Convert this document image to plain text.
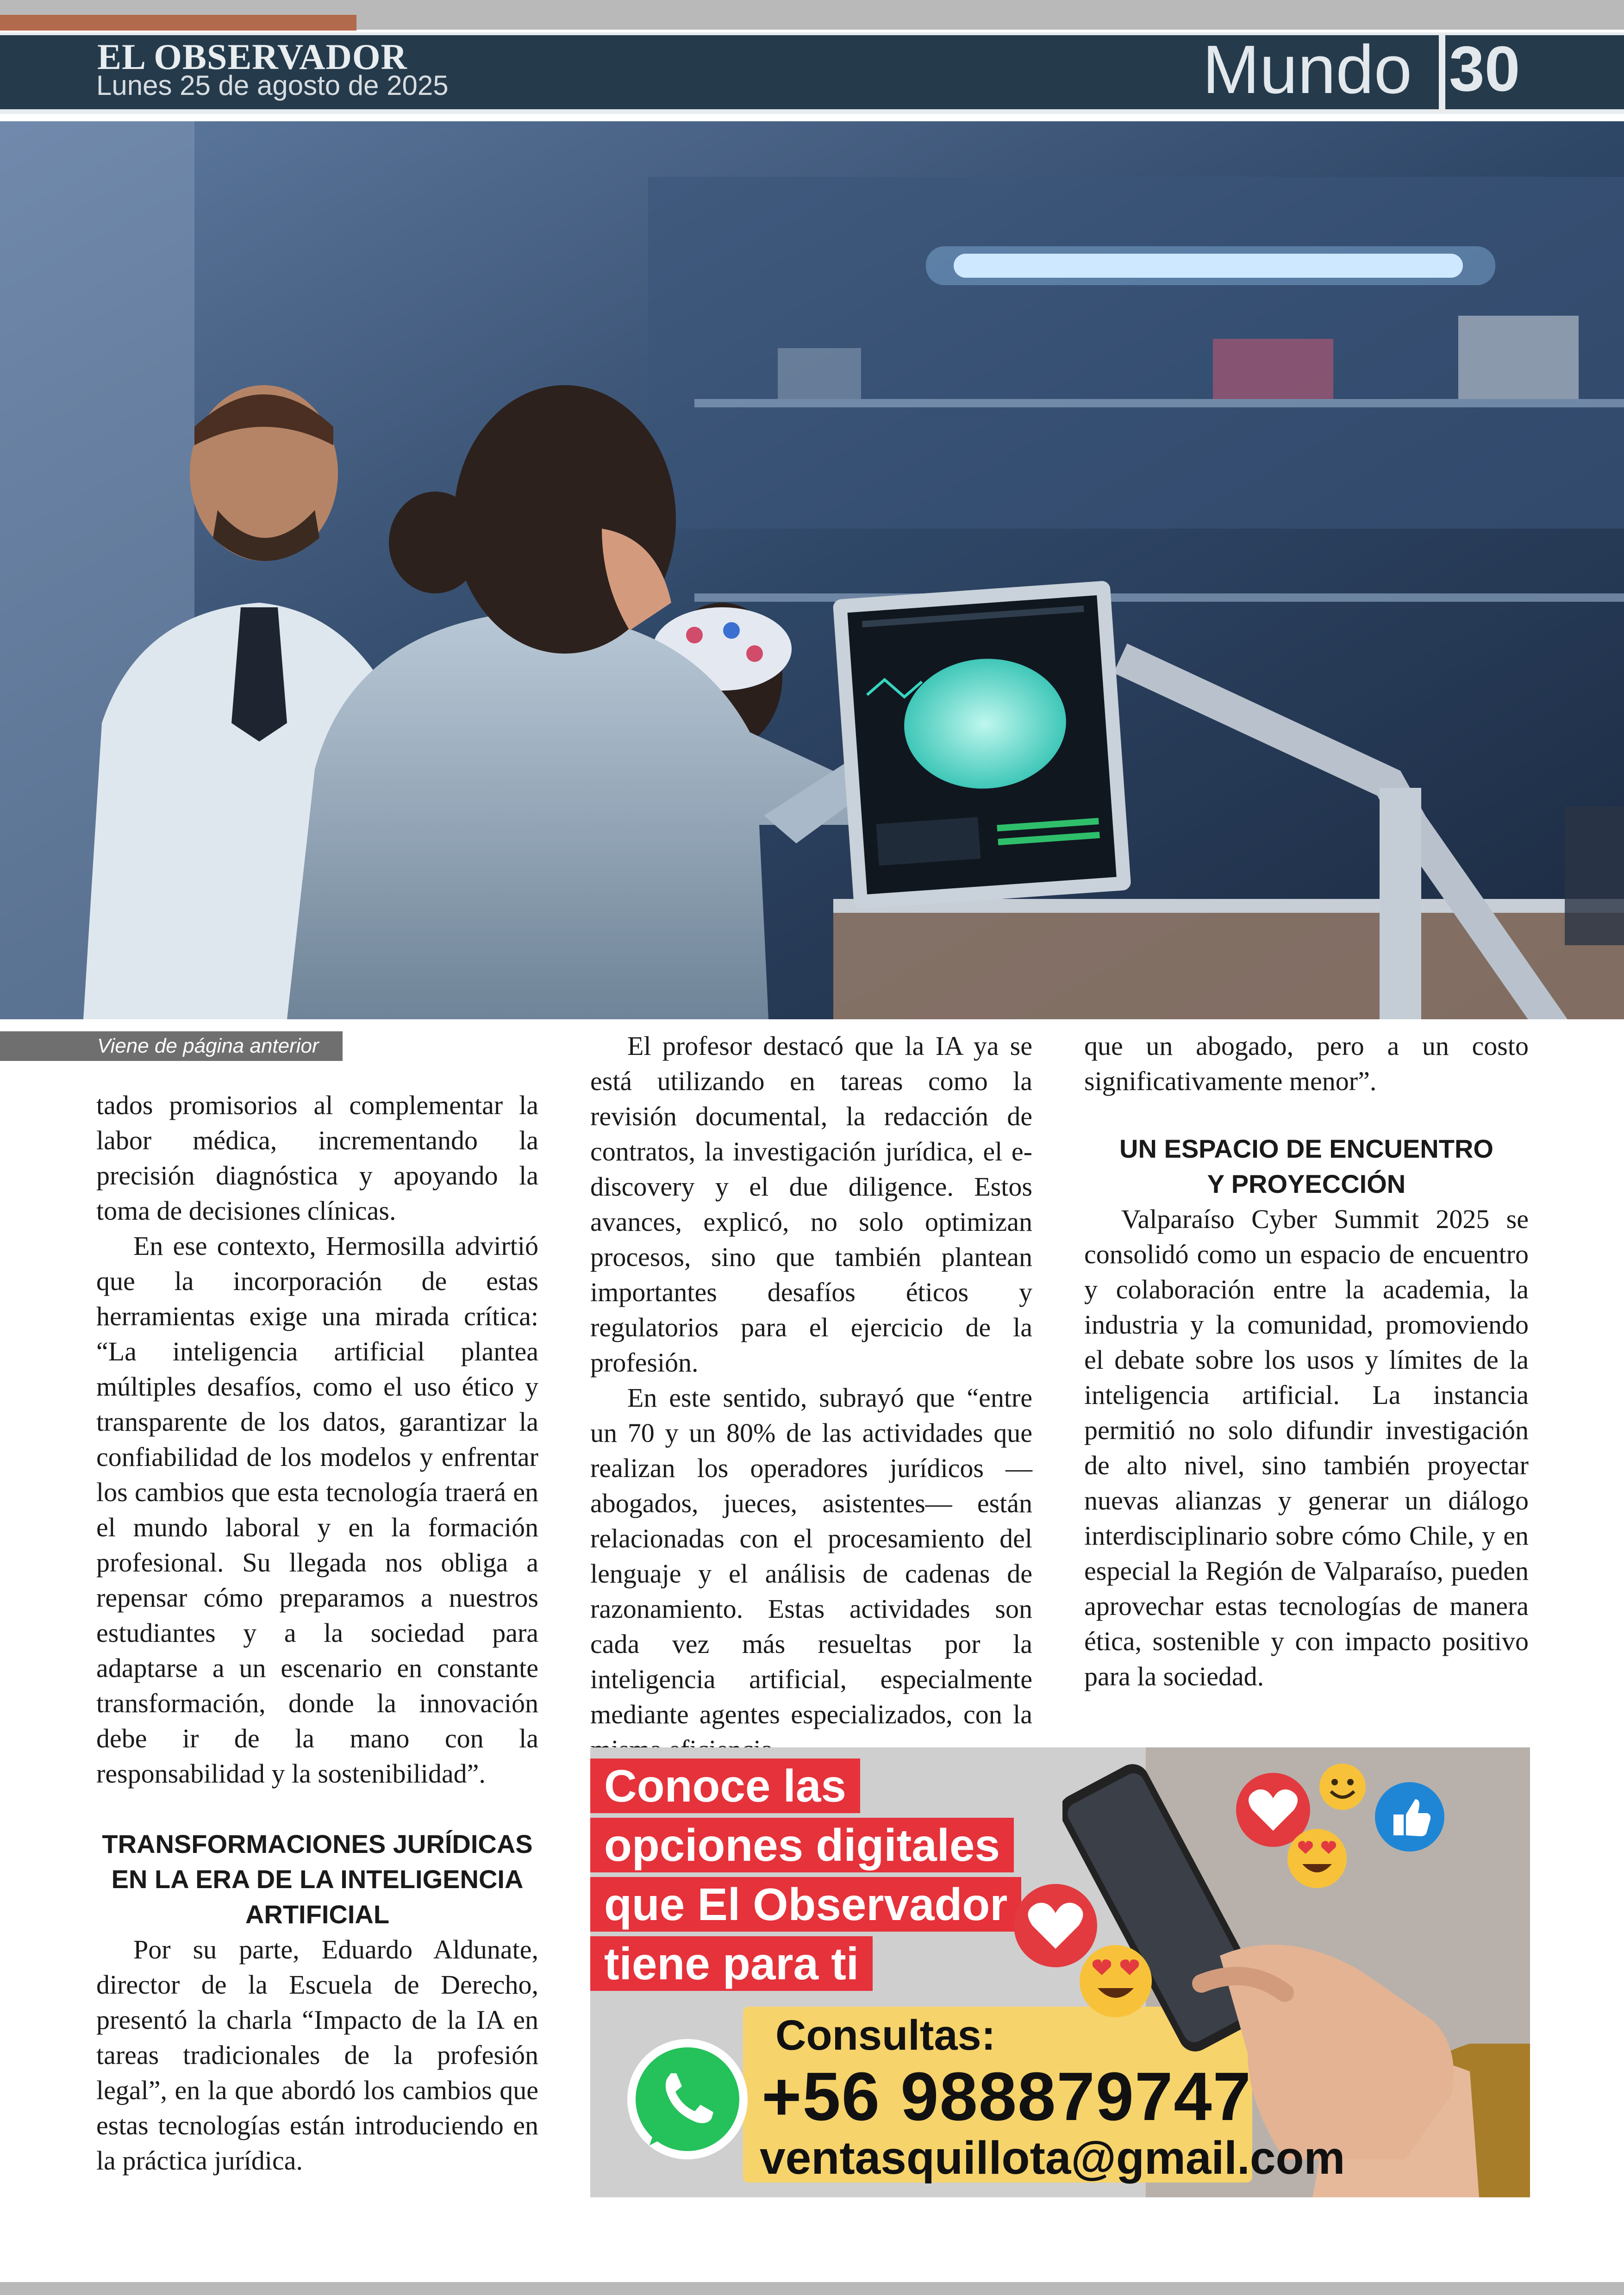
EL OBSERVADOR
Lunes 25 de agosto de 2025	Mundo 30
Viene de página anterior

tados promisorios al complementar la labor médica, incrementando la precisión diagnóstica y apoyando la toma de decisiones clínicas.

En ese contexto, Hermosilla advirtió que la incorporación de estas herramientas exige una mirada crítica: “La inteligencia artificial plantea múltiples desafíos, como el uso ético y transparente de los datos, garantizar la confiabilidad de los modelos y enfrentar los cambios que esta tecnología traerá en el mundo laboral y en la formación profesional. Su llegada nos obliga a repensar cómo preparamos a nuestros estudiantes y a la sociedad para adaptarse a un escenario en constante transformación, donde la innovación debe ir de la mano con la responsabilidad y la sostenibilidad”.

TRANSFORMACIONES JURÍDICAS EN LA ERA DE LA INTELIGENCIA ARTIFICIAL

Por su parte, Eduardo Aldunate, director de la Escuela de Derecho, presentó la charla “Impacto de la IA en tareas tradicionales de la profesión legal”, en la que abordó los cambios que estas tecnologías están introduciendo en la práctica jurídica.

El profesor destacó que la IA ya se está utilizando en tareas como la revisión documental, la redacción de contratos, la investigación jurídica, el e-discovery y el due diligence. Estos avances, explicó, no solo optimizan procesos, sino que también plantean importantes desafíos éticos y regulatorios para el ejercicio de la profesión.

En este sentido, subrayó que “entre un 70 y un 80% de las actividades que realizan los operadores jurídicos —abogados, jueces, asistentes— están relacionadas con el procesamiento del lenguaje y el análisis de cadenas de razonamiento. Estas actividades son cada vez más resueltas por la inteligencia artificial, especialmente mediante agentes especializados, con la

que un abogado, pero a un costo significativamente menor”.

UN ESPACIO DE ENCUENTRO
Y PROYECCIÓN

Valparaíso Cyber Summit 2025 se consolidó como un espacio de encuentro y colaboración entre la academia, la industria y la comunidad, promoviendo el debate sobre los usos y límites de la inteligencia artificial. La instancia permitió no solo difundir investigación de alto nivel, sino también proyectar nuevas alianzas y generar un diálogo interdisciplinario sobre cómo Chile, y en especial la Región de Valparaíso, pueden aprovechar estas tecnologías de manera ética, sostenible y con impacto positivo para la sociedad.

Conoce las
opciones digitales
que El Observador
tiene para ti
Consultas:
+56 988879747
ventasquillota@gmail.com
